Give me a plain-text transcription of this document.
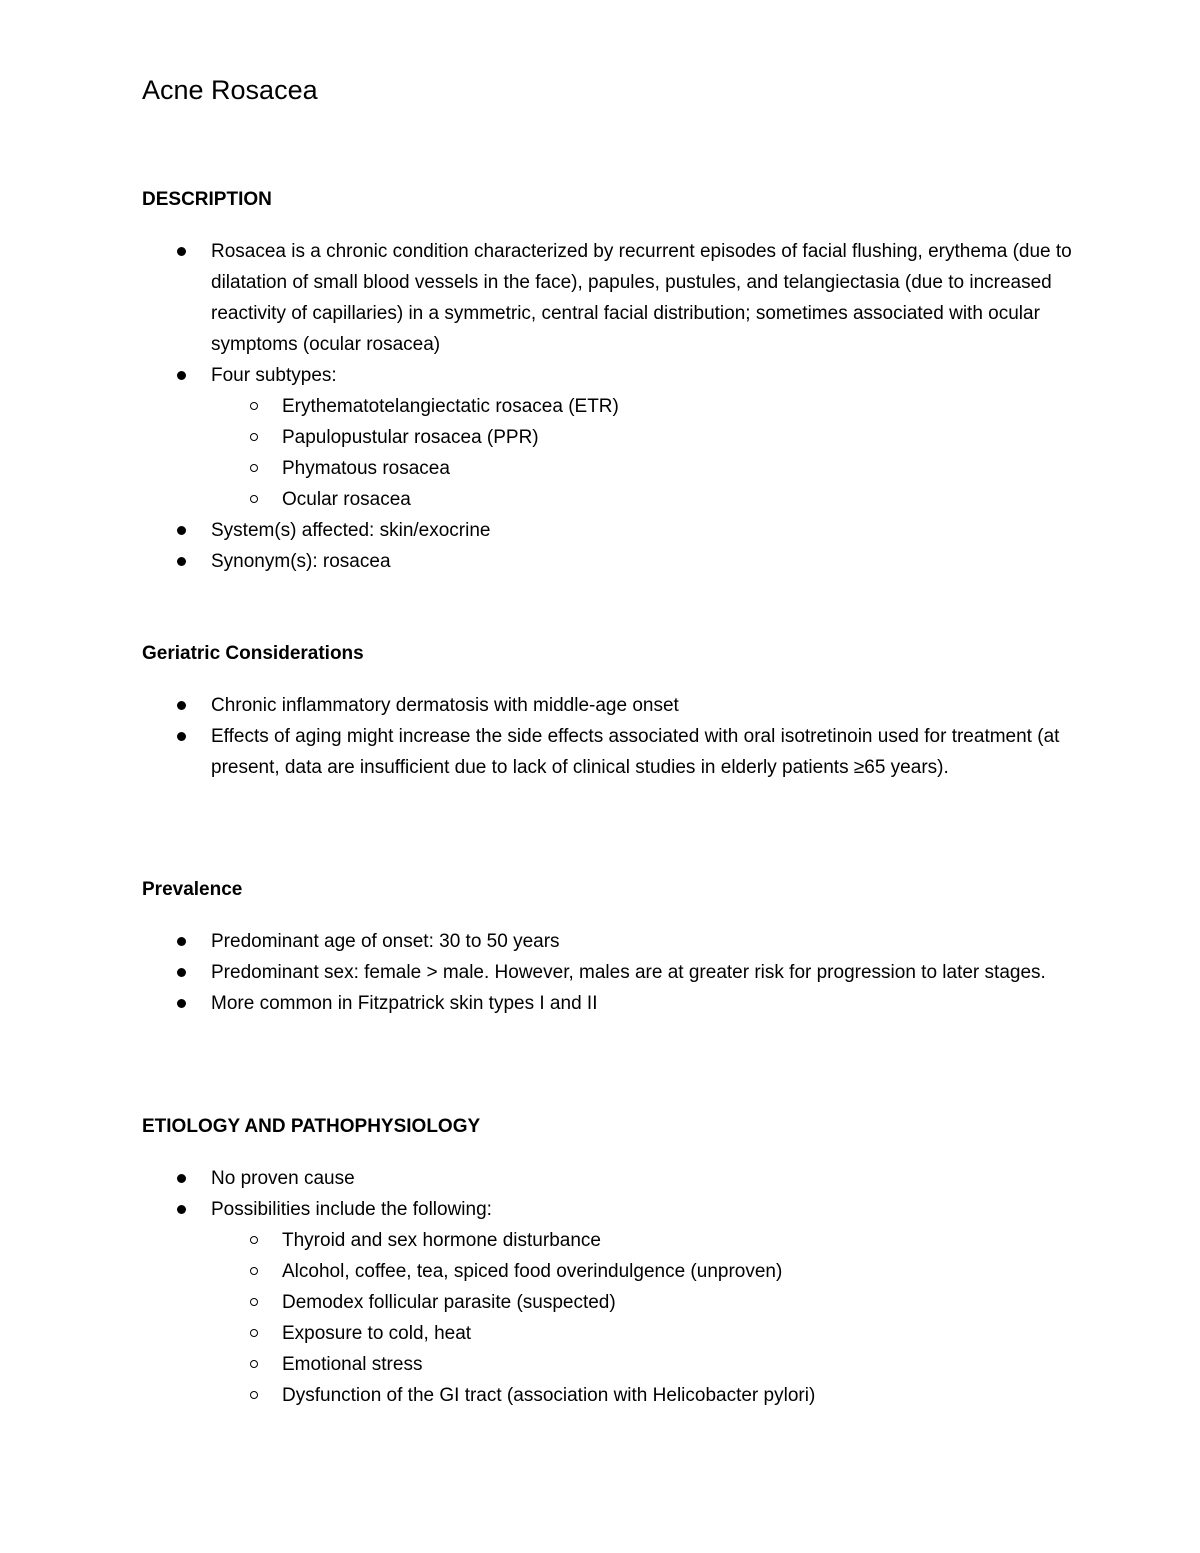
Acne Rosacea
DESCRIPTION
Rosacea is a chronic condition characterized by recurrent episodes of facial flushing, erythema (due to dilatation of small blood vessels in the face), papules, pustules, and telangiectasia (due to increased reactivity of capillaries) in a symmetric, central facial distribution; sometimes associated with ocular symptoms (ocular rosacea)
Four subtypes:
Erythematotelangiectatic rosacea (ETR)
Papulopustular rosacea (PPR)
Phymatous rosacea
Ocular rosacea
System(s) affected: skin/exocrine
Synonym(s): rosacea
Geriatric Considerations
Chronic inflammatory dermatosis with middle-age onset
Effects of aging might increase the side effects associated with oral isotretinoin used for treatment (at present, data are insufficient due to lack of clinical studies in elderly patients ≥65 years).
Prevalence
Predominant age of onset: 30 to 50 years
Predominant sex: female > male. However, males are at greater risk for progression to later stages.
More common in Fitzpatrick skin types I and II
ETIOLOGY AND PATHOPHYSIOLOGY
No proven cause
Possibilities include the following:
Thyroid and sex hormone disturbance
Alcohol, coffee, tea, spiced food overindulgence (unproven)
Demodex follicular parasite (suspected)
Exposure to cold, heat
Emotional stress
Dysfunction of the GI tract (association with Helicobacter pylori)
